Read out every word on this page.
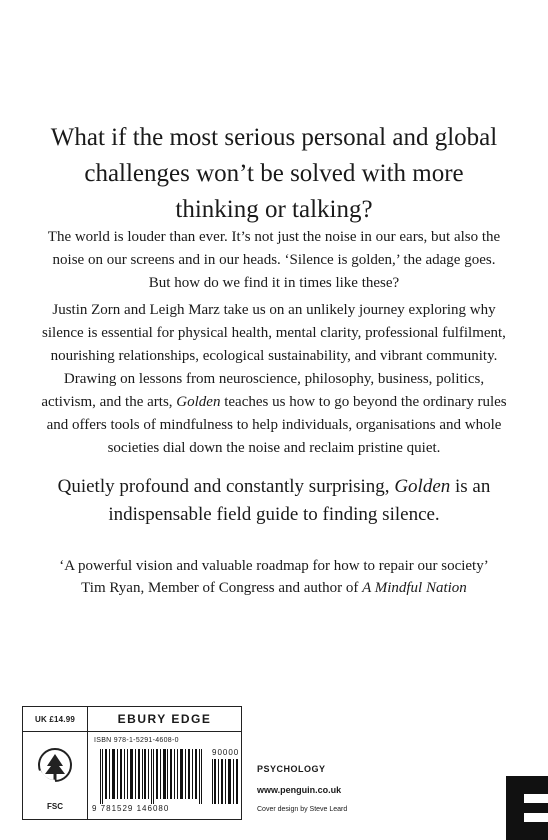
What if the most serious personal and global challenges won’t be solved with more thinking or talking?

The world is louder than ever. It’s not just the noise in our ears, but also the noise on our screens and in our heads. ‘Silence is golden,’ the adage goes. But how do we find it in times like these?

Justin Zorn and Leigh Marz take us on an unlikely journey exploring why silence is essential for physical health, mental clarity, professional fulfilment, nourishing relationships, ecological sustainability, and vibrant community. Drawing on lessons from neuroscience, philosophy, business, politics, activism, and the arts, Golden teaches us how to go beyond the ordinary rules and offers tools of mindfulness to help individuals, organisations and whole societies dial down the noise and reclaim pristine quiet.

Quietly profound and constantly surprising, Golden is an indispensable field guide to finding silence.

‘A powerful vision and valuable roadmap for how to repair our society’
Tim Ryan, Member of Congress and author of A Mindful Nation
UK £14.99	EBURY EDGE
FSC
ISBN 978-1-5291-4608-0
90000
9 781529 146080
PSYCHOLOGY
www.penguin.co.uk
Cover design by Steve Leard
